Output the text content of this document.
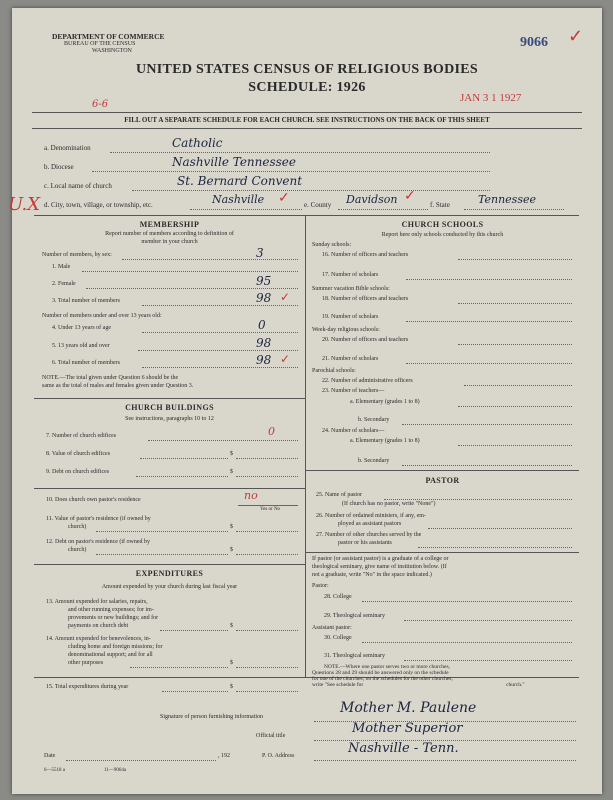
DEPARTMENT OF COMMERCE
BUREAU OF THE CENSUS
WASHINGTON
9066 ✓
UNITED STATES CENSUS OF RELIGIOUS BODIES
SCHEDULE: 1926
JAN 3 1 1927
6-6
FILL OUT A SEPARATE SCHEDULE FOR EACH CHURCH. SEE INSTRUCTIONS ON THE BACK OF THIS SHEET
a. Denomination	Catholic
b. Diocese	Nashville Tennessee
c. Local name of church	St. Bernard Convent
U.X d. City, town, village, or township, etc.	Nashville ✓ e. County Davidson ✓
f. State	Tennessee
MEMBERSHIP
Report number of members according to definition of
member in your church
Number of members, by sex:	3
1. Male
2. Female	95
3. Total number of members	98 ✓
Number of members under and over 13 years old:
4. Under 13 years of age	0
5. 13 years old and over	98
6. Total number of members	98 ✓
NOTE.—The total given under Question 6 should be the
same as the total of males and females given under Question 3.
CHURCH BUILDINGS
See instructions, paragraphs 10 to 12
7. Number of church edifices	0
8. Value of church edifices	$
9. Debt on church edifices	$
10. Does church own pastor's residence	no
Yes or No
11. Value of pastor's residence (if owned by
church)	$
12. Debt on pastor's residence (if owned by
church)	$
EXPENDITURES
Amount expended by your church during last fiscal year
13. Amount expended for salaries, repairs,
and other running expenses; for im-
provements or new buildings; and for
payments on church debt	$
14. Amount expended for benevolences, in-
cluding home and foreign missions; for
denominational support; and for all
other purposes	$
15. Total expenditures during year	$
CHURCH SCHOOLS
Report here only schools conducted by this church
Sunday schools:
16. Number of officers and teachers
17. Number of scholars
Summer vacation Bible schools:
18. Number of officers and teachers
19. Number of scholars
Week-day religious schools:
20. Number of officers and teachers
21. Number of scholars
Parochial schools:
22. Number of administrative officers
23. Number of teachers—
a. Elementary (grades 1 to 8)
b. Secondary
24. Number of scholars—
a. Elementary (grades 1 to 8)
b. Secondary
PASTOR
25. Name of pastor
(If church has no pastor, write "None")
26. Number of ordained ministers, if any, em-
ployed as assistant pastors
27. Number of other churches served by the
pastor or his assistants
If pastor (or assistant pastor) is a graduate of a college or
theological seminary, give name of institution below. (If
not a graduate, write "No" in the space indicated.)
Pastor:
28. College
29. Theological seminary
Assistant pastor:
30. College
31. Theological seminary
NOTE.—Where one pastor serves two or more churches,
Questions 28 and 29 should be answered only on the schedule
for one of the churches; on the schedules for the other churches,
write "See schedule for	church."
Signature of person furnishing information
Mother M. Paulene
Official title	Mother Superior
Date	, 192	P. O. Address	Nashville - Tenn.
6—5518 a	11—9064a
